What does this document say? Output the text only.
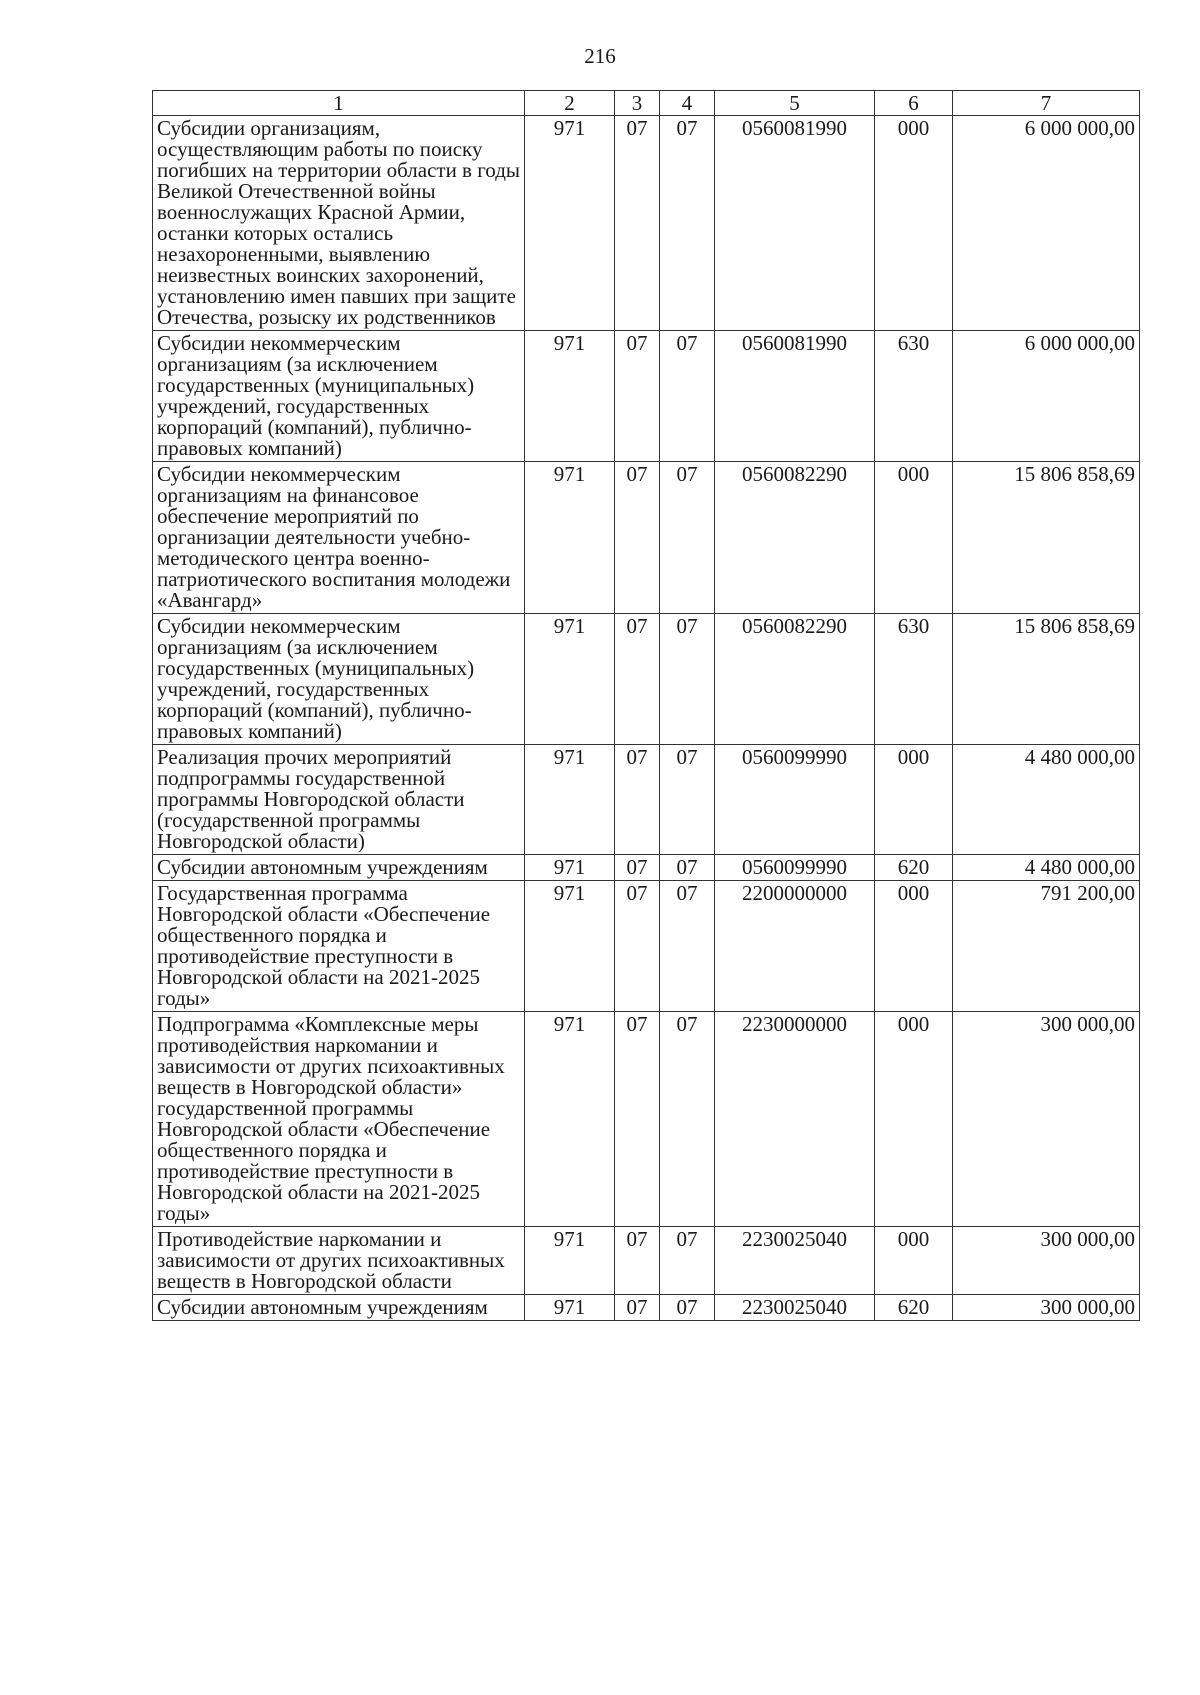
216
1	2	3	4	5	6	7
Субсидии организациям, осуществляющим работы по поиску погибших на территории области в годы Великой Отечественной войны военнослужащих Красной Армии, останки которых остались незахороненными, выявлению неизвестных воинских захоронений, установлению имен павших при защите Отечества, розыску их родственников	971	07	07	0560081990	000	6 000 000,00
Субсидии некоммерческим организациям (за исключением государственных (муниципальных) учреждений, государственных корпораций (компаний), публично-правовых компаний)	971	07	07	0560081990	630	6 000 000,00
Субсидии некоммерческим организациям на финансовое обеспечение мероприятий по организации деятельности учебно-методического центра военно-патриотического воспитания молодежи «Авангард»	971	07	07	0560082290	000	15 806 858,69
Субсидии некоммерческим организациям (за исключением государственных (муниципальных) учреждений, государственных корпораций (компаний), публично-правовых компаний)	971	07	07	0560082290	630	15 806 858,69
Реализация прочих мероприятий подпрограммы государственной программы Новгородской области (государственной программы Новгородской области)	971	07	07	0560099990	000	4 480 000,00
Субсидии автономным учреждениям	971	07	07	0560099990	620	4 480 000,00
Государственная программа Новгородской области «Обеспечение общественного порядка и противодействие преступности в Новгородской области на 2021-2025 годы»	971	07	07	2200000000	000	791 200,00
Подпрограмма «Комплексные меры противодействия наркомании и зависимости от других психоактивных веществ в Новгородской области» государственной программы Новгородской области «Обеспечение общественного порядка и противодействие преступности в Новгородской области на 2021-2025 годы»	971	07	07	2230000000	000	300 000,00
Противодействие наркомании и зависимости от других психоактивных веществ в Новгородской области	971	07	07	2230025040	000	300 000,00
Субсидии автономным учреждениям	971	07	07	2230025040	620	300 000,00
